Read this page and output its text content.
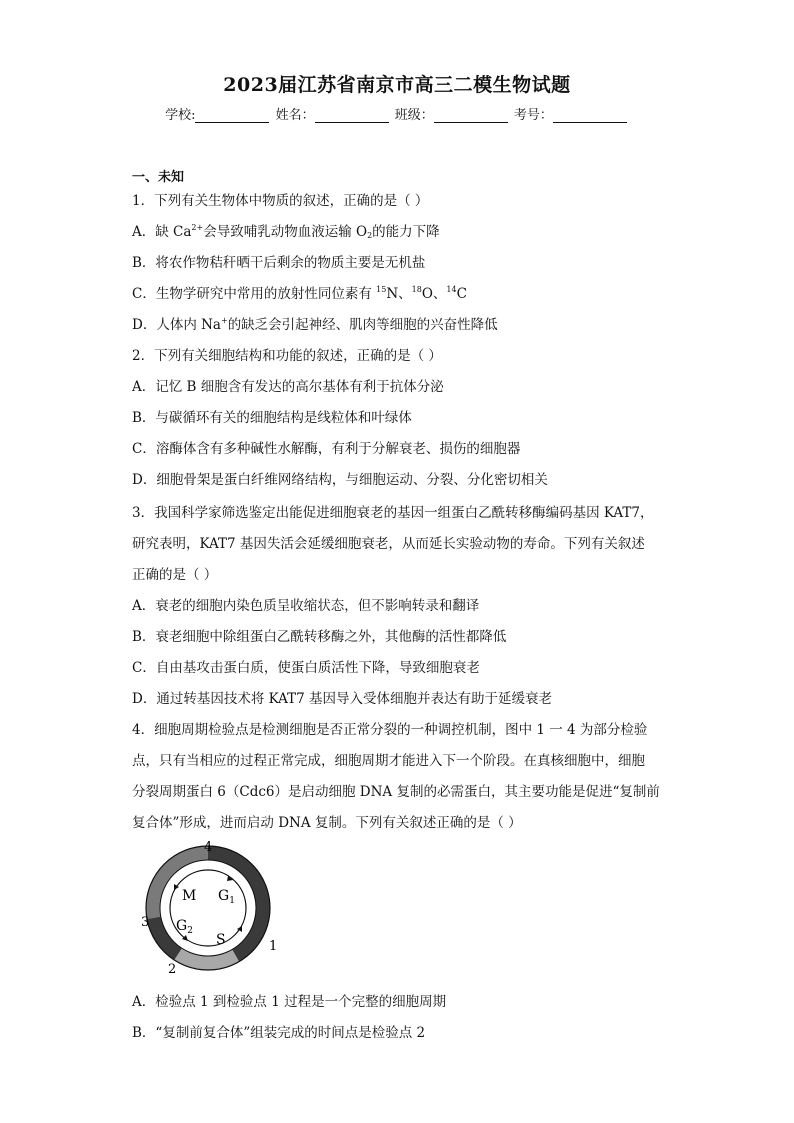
2023届江苏省南京市高三二模生物试题
学校:	姓名：	班级：	考号：
一、未知
1．下列有关生物体中物质的叙述，正确的是（ ）
A．缺 $Ca^{2+}$会导致哺乳动物血液运输 $O_2$的能力下降
B．将农作物秸秆晒干后剩余的物质主要是无机盐
C．生物学研究中常用的放射性同位素有 $^{15}$N、$^{18}$O、$^{14}$C
D．人体内 Na+的缺乏会引起神经、肌肉等细胞的兴奋性降低
2．下列有关细胞结构和功能的叙述，正确的是（ ）
A．记忆 B 细胞含有发达的高尔基体有利于抗体分泌
B．与碳循环有关的细胞结构是线粒体和叶绿体
C．溶酶体含有多种碱性水解酶，有利于分解衰老、损伤的细胞器
D．细胞骨架是蛋白纤维网络结构，与细胞运动、分裂、分化密切相关
3．我国科学家筛选鉴定出能促进细胞衰老的基因一组蛋白乙酰转移酶编码基因 KAT7，
研究表明，KAT7 基因失活会延缓细胞衰老，从而延长实验动物的寿命。下列有关叙述
正确的是（ ）
A．衰老的细胞内染色质呈收缩状态，但不影响转录和翻译
B．衰老细胞中除组蛋白乙酰转移酶之外，其他酶的活性都降低
C．自由基攻击蛋白质，使蛋白质活性下降，导致细胞衰老
D．通过转基因技术将 KAT7 基因导入受体细胞并表达有助于延缓衰老
4．细胞周期检验点是检测细胞是否正常分裂的一种调控机制，图中 1 一 4 为部分检验
点，只有当相应的过程正常完成，细胞周期才能进入下一个阶段。在真核细胞中，细胞
分裂周期蛋白 6（Cdc6）是启动细胞 DNA 复制的必需蛋白，其主要功能是促进“复制前
复合体”形成，进而启动 DNA 复制。下列有关叙述正确的是（ ）
M $G_1$
$G_2$
S
4
1
3
2
A．检验点 1 到检验点 1 过程是一个完整的细胞周期
B．“复制前复合体”组装完成的时间点是检验点 2
